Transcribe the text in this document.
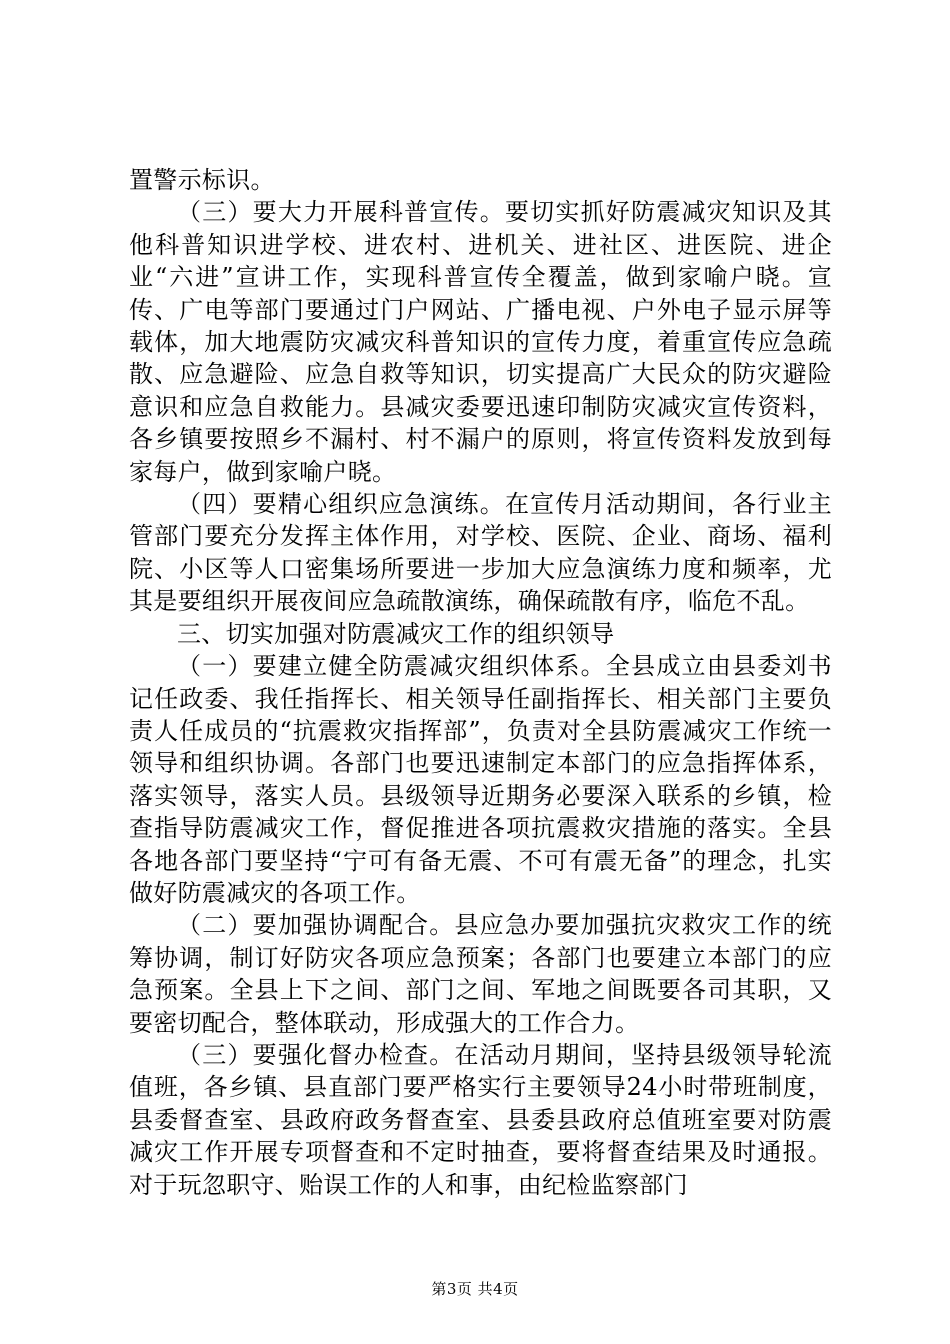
置警示标识。

（三）要大力开展科普宣传。要切实抓好防震减灾知识及其他科普知识进学校、进农村、进机关、进社区、进医院、进企业“六进”宣讲工作，实现科普宣传全覆盖，做到家喻户晓。宣传、广电等部门要通过门户网站、广播电视、户外电子显示屏等载体，加大地震防灾减灾科普知识的宣传力度，着重宣传应急疏散、应急避险、应急自救等知识，切实提高广大民众的防灾避险意识和应急自救能力。县减灾委要迅速印制防灾减灾宣传资料，各乡镇要按照乡不漏村、村不漏户的原则，将宣传资料发放到每家每户，做到家喻户晓。

（四）要精心组织应急演练。在宣传月活动期间，各行业主管部门要充分发挥主体作用，对学校、医院、企业、商场、福利院、小区等人口密集场所要进一步加大应急演练力度和频率，尤其是要组织开展夜间应急疏散演练，确保疏散有序，临危不乱。

三、切实加强对防震减灾工作的组织领导

（一）要建立健全防震减灾组织体系。全县成立由县委刘书记任政委、我任指挥长、相关领导任副指挥长、相关部门主要负责人任成员的“抗震救灾指挥部”，负责对全县防震减灾工作统一领导和组织协调。各部门也要迅速制定本部门的应急指挥体系，落实领导，落实人员。县级领导近期务必要深入联系的乡镇，检查指导防震减灾工作，督促推进各项抗震救灾措施的落实。全县各地各部门要坚持“宁可有备无震、不可有震无备”的理念，扎实做好防震减灾的各项工作。

（二）要加强协调配合。县应急办要加强抗灾救灾工作的统筹协调，制订好防灾各项应急预案；各部门也要建立本部门的应急预案。全县上下之间、部门之间、军地之间既要各司其职，又要密切配合，整体联动，形成强大的工作合力。

（三）要强化督办检查。在活动月期间，坚持县级领导轮流值班，各乡镇、县直部门要严格实行主要领导24小时带班制度，县委督查室、县政府政务督查室、县委县政府总值班室要对防震减灾工作开展专项督查和不定时抽查，要将督查结果及时通报。对于玩忽职守、贻误工作的人和事，由纪检监察部门

第3页 共4页
